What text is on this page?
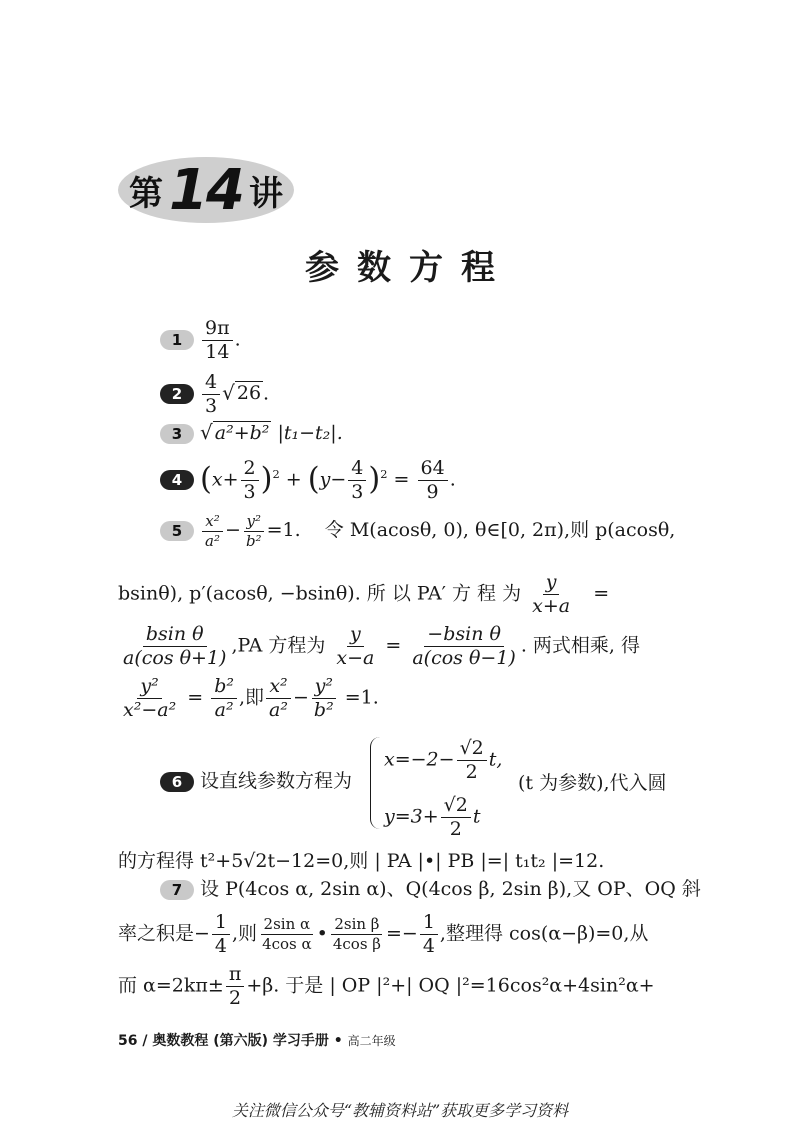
第 14 讲
参数方程
$1 \frac{9\pi}{14}$ .
$2 \frac{4}{3}$ √ 26 .
3 √ a²+b² |t₁−t₂|.
4 $(x+ \frac{2}{3} )^2 + (y- \frac{4}{3} )^2 = \frac{64}{9}$ .
$5 \frac{\text{x²}}{\text{a²}} - \frac{\text{y²}}{\text{b²}} =1$. 令 M(acosθ, 0), θ∈[0, 2π),则 p(acosθ,
bsinθ), p′(acosθ, −bsinθ). 所 以 PA′ 方 程 为 $\frac{y}{x+a}$ =
$\frac{\text{bsin θ}}{\text{a(cos θ+1)}} ,PA$ 方程为 $\frac{y}{x-a} = \frac{\text{−bsin θ}}{\text{a(cos θ−1)}}$ . 两式相乘, 得
$\frac{\text{y²}}{\text{x²−a²}} = \frac{\text{b²}}{\text{a²}}$ ,即 $\frac{\text{x²}}{\text{a²}} - \frac{\text{y²}}{\text{b²}} =1$.
6 设直线参数方程为
$x=-2- \frac{√2}{2} t$,
$y=3+ \frac{√2}{2}$ t
(t 为参数),代入圆
的方程得 t²+5√2t−12=0,则 | PA |•| PB |=| t₁t₂ |=12.
7 设 P(4cos α, 2sin α)、Q(4cos β, 2sin β),又 OP、OQ 斜
率之积是− $\frac{1}{4}$ ,则 $\frac{\text{2sin α}}{\text{4cos α}}$ • $\frac{\text{2sin β}}{\text{4cos β}} =- \frac{1}{4}$ ,整理得 cos(α−β)=0,从
而 $\alpha=2k\pi\pm \frac{\pi}{2} +\beta$. 于是 | OP |²+| OQ |²=16cos²α+4sin²α+
56 / 奥数教程 (第六版) 学习手册 • 高二年级
关注微信公众号“教辅资料站”获取更多学习资料
